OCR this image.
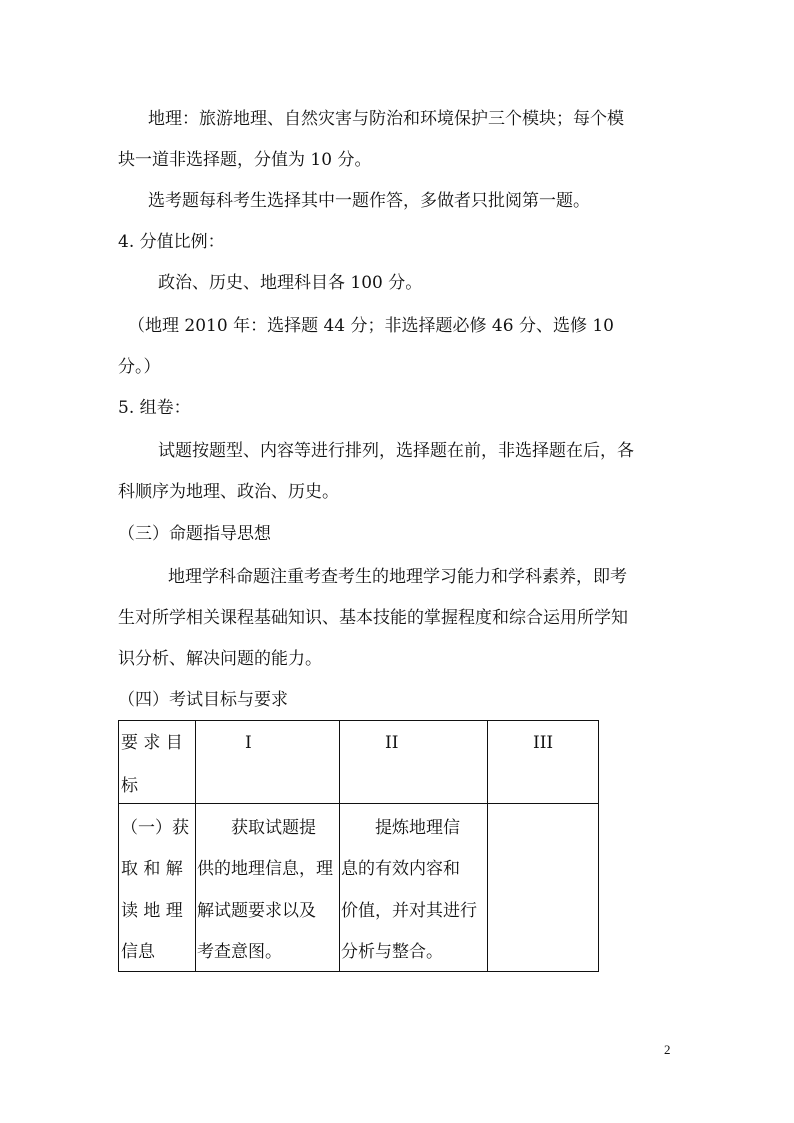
地理：旅游地理、自然灾害与防治和环境保护三个模块；每个模
块一道非选择题，分值为 10 分。
选考题每科考生选择其中一题作答，多做者只批阅第一题。
4. 分值比例：
政治、历史、地理科目各 100 分。
（地理 2010 年：选择题 44 分；非选择题必修 46 分、选修 10
分。）
5. 组卷：
试题按题型、内容等进行排列，选择题在前，非选择题在后，各
科顺序为地理、政治、历史。
（三）命题指导思想
地理学科命题注重考查考生的地理学习能力和学科素养，即考
生对所学相关课程基础知识、基本技能的掌握程度和综合运用所学知
识分析、解决问题的能力。
（四）考试目标与要求
要 求 目
标
I	II	III
（一）获
取 和 解
读 地 理
信息
获取试题提
供的地理信息，理
解试题要求以及
考查意图。
提炼地理信
息的有效内容和
价值，并对其进行
分析与整合。
2
